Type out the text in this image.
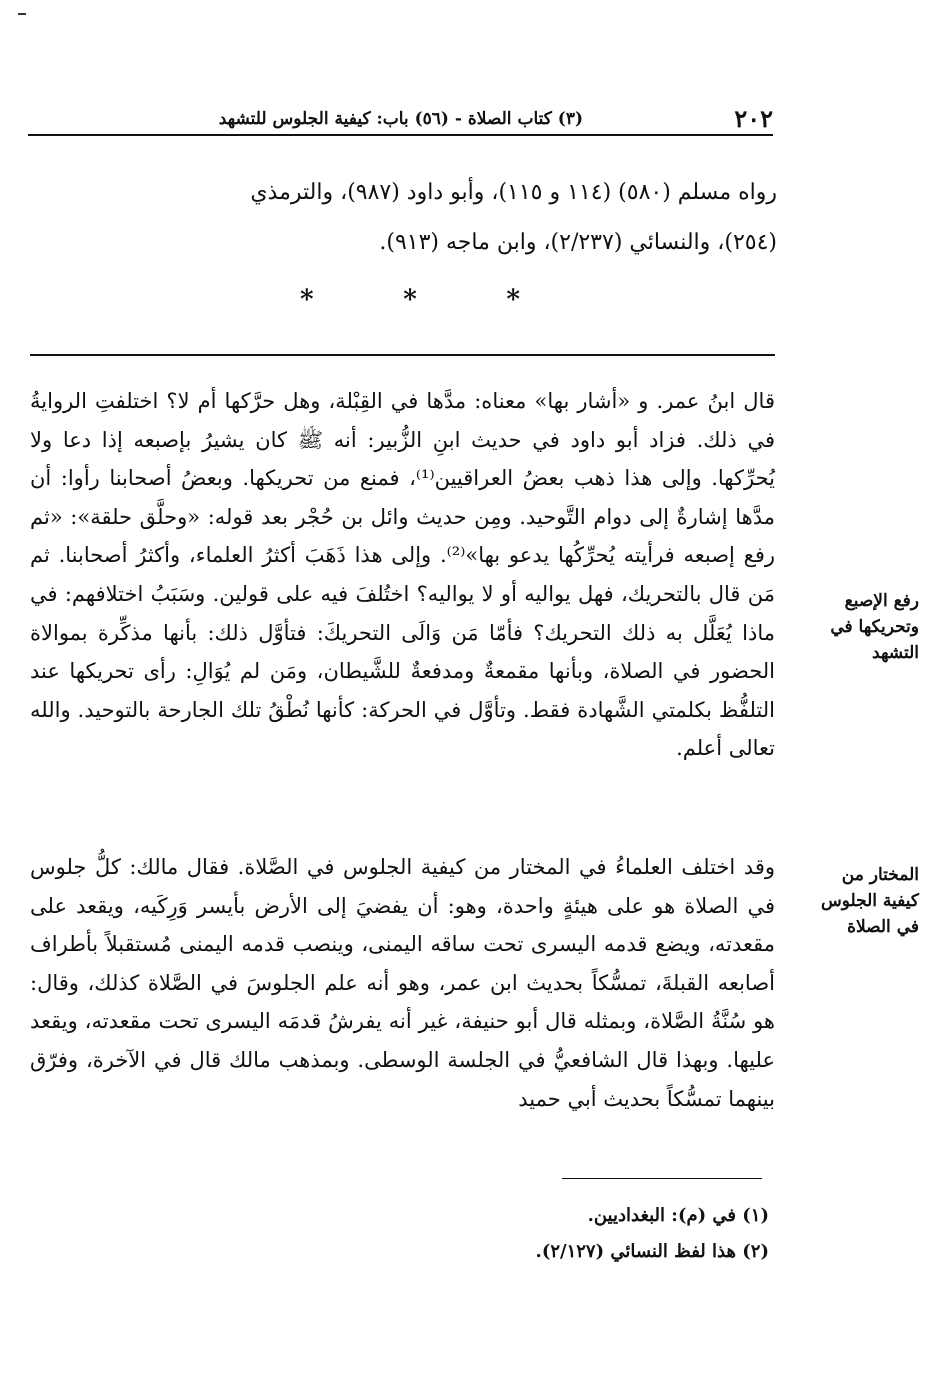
٢٠٢
(٣) كتاب الصلاة - (٥٦) باب: كيفية الجلوس للتشهد

رواه مسلم (٥٨٠) (١١٤ و ١١٥)، وأبو داود (٩٨٧)، والترمذي

(٢٥٤)، والنسائي (٢/٢٣٧)، وابن ماجه (٩١٣).

*	*	*

قال ابنُ عمر. و «أشار بها» معناه: مدَّها في القِبْلة، وهل حرَّكها أم لا؟ اختلفتِ الروايةُ في ذلك. فزاد أبو داود في حديث ابنِ الزُّبير: أنه ﷺ كان يشيرُ بإصبعه إذا دعا ولا يُحرِّكها. وإلى هذا ذهب بعضُ العراقيين⁽¹⁾، فمنع من تحريكها. وبعضُ أصحابنا رأوا: أن مدَّها إشارةٌ إلى دوام التَّوحيد. ومِن حديث وائل بن حُجْر بعد قوله: «وحلَّق حلقة»: «ثم رفع إصبعه فرأيته يُحرِّكُها يدعو بها»⁽²⁾. وإلى هذا ذَهَبَ أكثرُ العلماء، وأكثرُ أصحابنا. ثم مَن قال بالتحريك، فهل يواليه أو لا يواليه؟ اختُلفَ فيه على قولين. وسَبَبُ اختلافهم: في ماذا يُعَلَّل به ذلك التحريك؟ فأمّا مَن وَالَى التحريكَ: فتأوَّل ذلك: بأنها مذكِّرة بموالاة الحضور في الصلاة، وبأنها مقمعةٌ ومدفعةٌ للشَّيطان، ومَن لم يُوَالِ: رأى تحريكها عند التلفُّظ بكلمتي الشَّهادة فقط. وتأوَّل في الحركة: كأنها نُطْقُ تلك الجارحة بالتوحيد. والله تعالى أعلم.

رفع الإصبع وتحريكها في التشهد

وقد اختلف العلماءُ في المختار من كيفية الجلوس في الصَّلاة. فقال مالك: كلُّ جلوس في الصلاة هو على هيئةٍ واحدة، وهو: أن يفضيَ إلى الأرض بأيسر وَرِكَيه، ويقعد على مقعدته، ويضع قدمه اليسرى تحت ساقه اليمنى، وينصب قدمه اليمنى مُستقبلاً بأطراف أصابعه القبلةَ، تمسُّكاً بحديث ابن عمر، وهو أنه علم الجلوسَ في الصَّلاة كذلك، وقال: هو سُنَّةُ الصَّلاة، وبمثله قال أبو حنيفة، غير أنه يفرشُ قدمَه اليسرى تحت مقعدته، ويقعد عليها. وبهذا قال الشافعيُّ في الجلسة الوسطى. وبمذهب مالك قال في الآخرة، وفرّق بينهما تمسُّكاً بحديث أبي حميد

المختار من كيفية الجلوس في الصلاة

(١) في (م): البغداديين.

(٢) هذا لفظ النسائي (٢/١٢٧).
